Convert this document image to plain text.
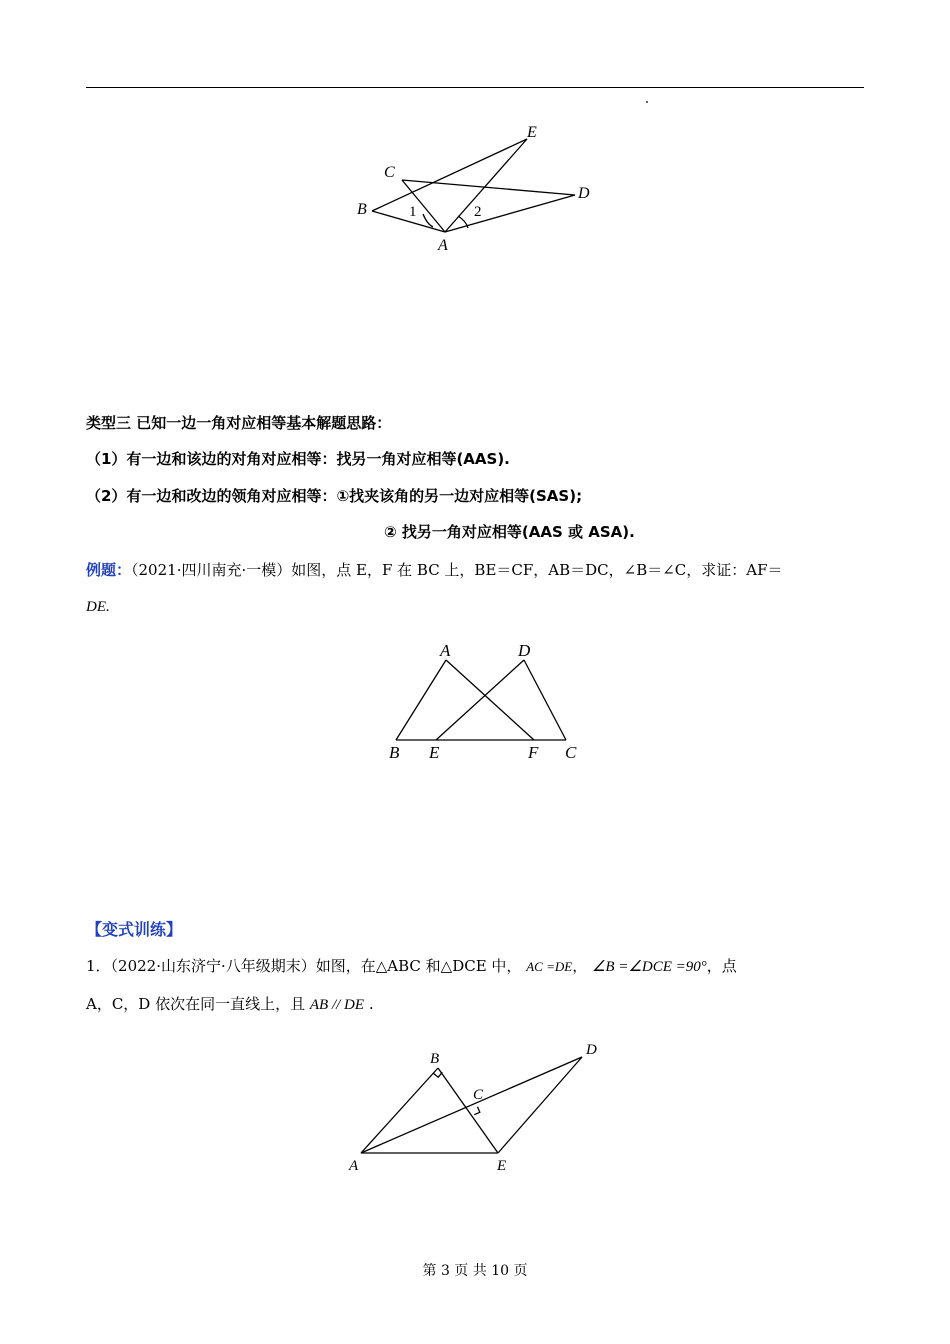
E
C
D
B
A
1	2
类型三 已知一边一角对应相等基本解题思路：
（1）有一边和该边的对角对应相等：找另一角对应相等(AAS).
（2）有一边和改边的领角对应相等：①找夹该角的另一边对应相等(SAS);
② 找另一角对应相等(AAS 或 ASA).
例题：（2021·四川南充·一模）如图，点 E，F 在 BC 上，BE＝CF，AB＝DC，∠B＝∠C，求证：AF＝
DE.
A	D
B E	F C
【变式训练】
1．（2022·山东济宁·八年级期末）如图，在△ABC 和△DCE 中， AC =DE， ∠B =∠DCE =90°，点
A，C，D 依次在同一直线上，且 AB // DE .
B
C
D
A	E
第 3 页 共 10 页
